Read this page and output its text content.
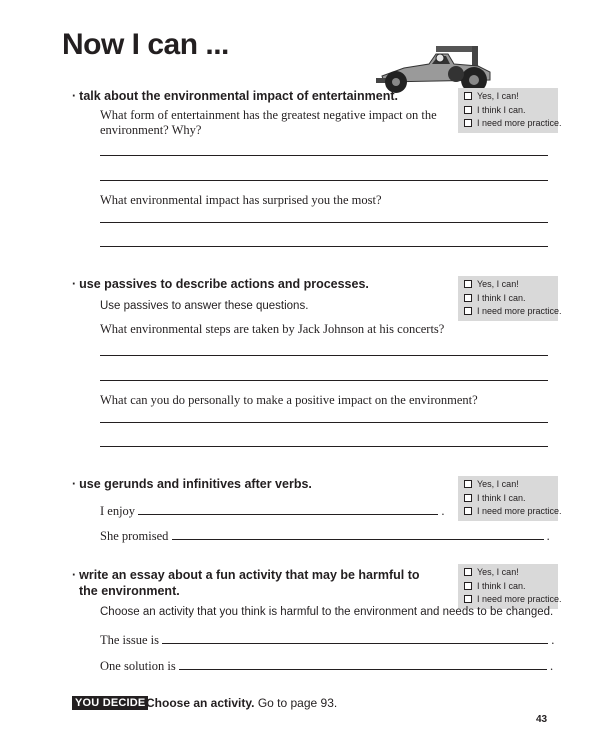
Now I can ...
· talk about the environmental impact of entertainment.	Yes, I can!
I think I can.
I need more practice.
What form of entertainment has the greatest negative impact on the environment? Why?
What environmental impact has surprised you the most?
· use passives to describe actions and processes.	Yes, I can!
I think I can.
I need more practice.
Use passives to answer these questions.
What environmental steps are taken by Jack Johnson at his concerts?
What can you do personally to make a positive impact on the environment?
· use gerunds and infinitives after verbs.	Yes, I can!
I think I can.
I need more practice.
I enjoy	.
She promised	.
· write an essay about a fun activity that may be harmful to
the environment.
Yes, I can!
I think I can.
I need more practice.
Choose an activity that you think is harmful to the environment and needs to be changed.
The issue is	.
One solution is	.
YOU DECIDE Choose an activity. Go to page 93.
43
